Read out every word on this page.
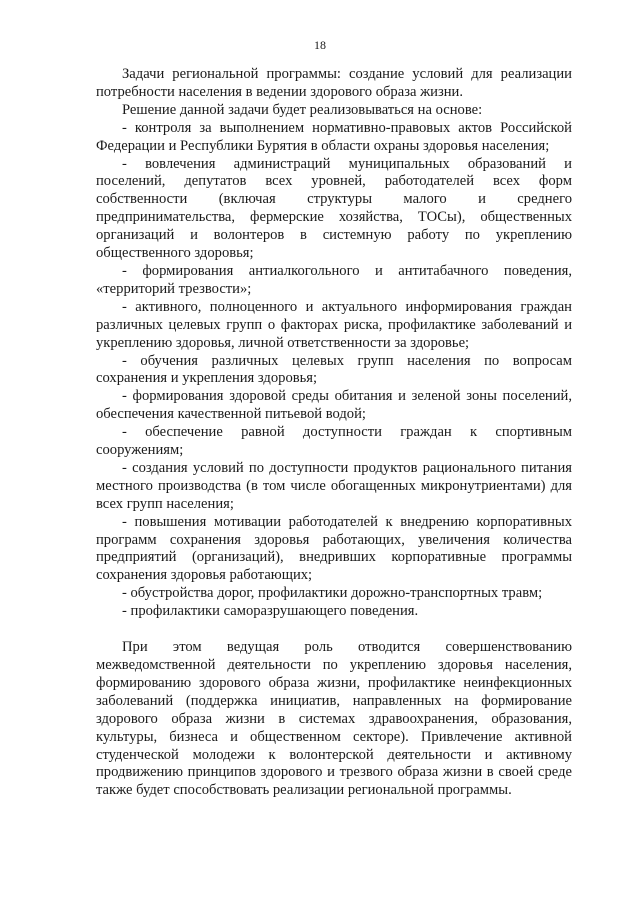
18

Задачи региональной программы: создание условий для реализации потребности населения в ведении здорового образа жизни.

Решение данной задачи будет реализовываться на основе:

- контроля за выполнением нормативно-правовых актов Российской Федерации и Республики Бурятия в области охраны здоровья населения;

- вовлечения администраций муниципальных образований и поселений, депутатов всех уровней, работодателей всех форм собственности (включая структуры малого и среднего предпринимательства, фермерские хозяйства, ТОСы), общественных организаций и волонтеров в системную работу по укреплению общественного здоровья;

- формирования антиалкогольного и антитабачного поведения, «территорий трезвости»;

- активного, полноценного и актуального информирования граждан различных целевых групп о факторах риска, профилактике заболеваний и укреплению здоровья, личной ответственности за здоровье;

- обучения различных целевых групп населения по вопросам сохранения и укрепления здоровья;

- формирования здоровой среды обитания и зеленой зоны поселений, обеспечения качественной питьевой водой;

- обеспечение равной доступности граждан к спортивным сооружениям;

- создания условий по доступности продуктов рационального питания местного производства (в том числе обогащенных микронутриентами) для всех групп населения;

- повышения мотивации работодателей к внедрению корпоративных программ сохранения здоровья работающих, увеличения количества предприятий (организаций), внедривших корпоративные программы сохранения здоровья работающих;

- обустройства дорог, профилактики дорожно-транспортных травм;

- профилактики саморазрушающего поведения.

При этом ведущая роль отводится совершенствованию межведомственной деятельности по укреплению здоровья населения, формированию здорового образа жизни, профилактике неинфекционных заболеваний (поддержка инициатив, направленных на формирование здорового образа жизни в системах здравоохранения, образования, культуры, бизнеса и общественном секторе). Привлечение активной студенческой молодежи к волонтерской деятельности и активному продвижению принципов здорового и трезвого образа жизни в своей среде также будет способствовать реализации региональной программы.
